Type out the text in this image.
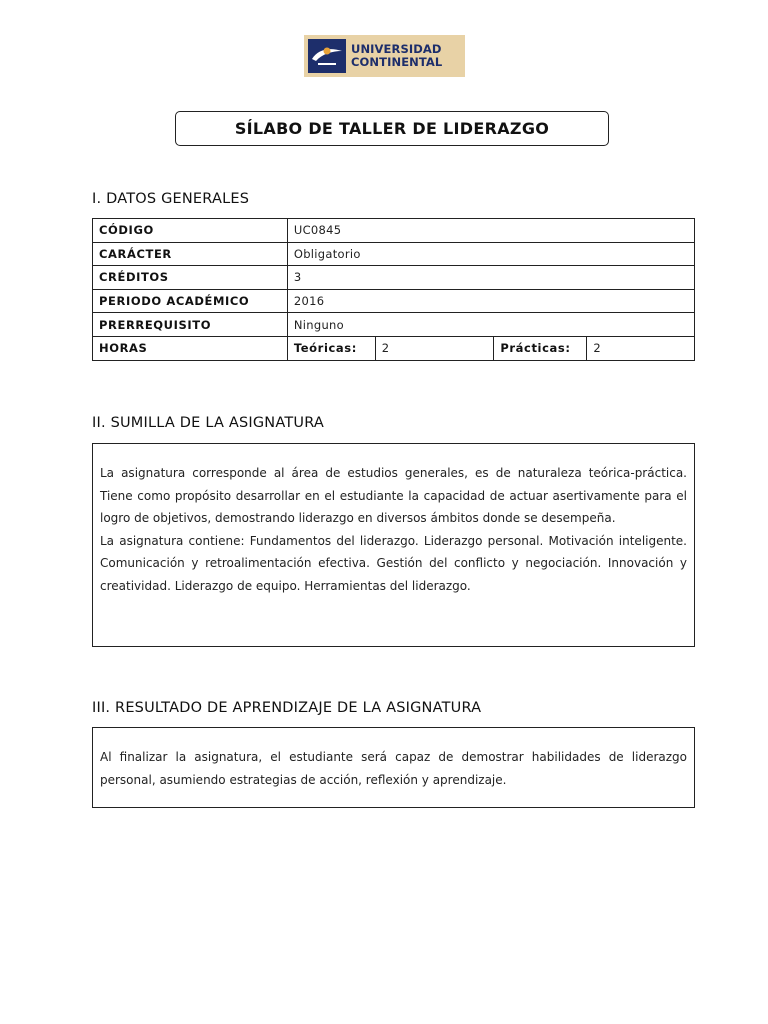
UNIVERSIDAD
CONTINENTAL
SÍLABO DE TALLER DE LIDERAZGO
I. DATOS GENERALES
CÓDIGO	UC0845			
CARÁCTER	Obligatorio			
CRÉDITOS	3			
PERIODO ACADÉMICO	2016			
PRERREQUISITO	Ninguno			
HORAS	Teóricas:	2	Prácticas:	2
II. SUMILLA DE LA ASIGNATURA

La asignatura corresponde al área de estudios generales, es de naturaleza teórica-práctica. Tiene como propósito desarrollar en el estudiante la capacidad de actuar asertivamente para el logro de objetivos, demostrando liderazgo en diversos ámbitos donde se desempeña.

La asignatura contiene: Fundamentos del liderazgo. Liderazgo personal. Motivación inteligente. Comunicación y retroalimentación efectiva. Gestión del conflicto y negociación. Innovación y creatividad. Liderazgo de equipo. Herramientas del liderazgo.

III. RESULTADO DE APRENDIZAJE DE LA ASIGNATURA

Al finalizar la asignatura, el estudiante será capaz de demostrar habilidades de liderazgo personal, asumiendo estrategias de acción, reflexión y aprendizaje.
